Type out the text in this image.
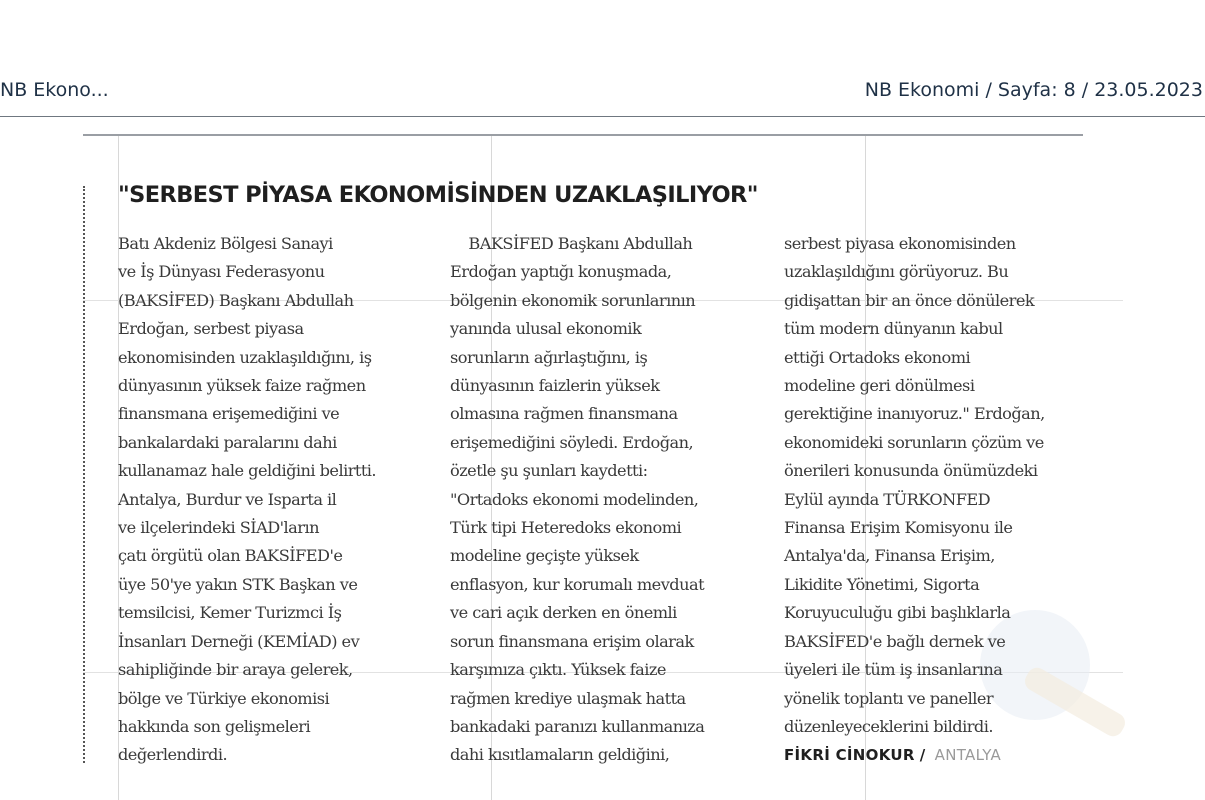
NB Ekono...	NB Ekonomi / Sayfa: 8 / 23.05.2023
"SERBEST PİYASA EKONOMİSİNDEN UZAKLAŞILIYOR"
Batı Akdeniz Bölgesi Sanayi
ve İş Dünyası Federasyonu
(BAKSİFED) Başkanı Abdullah
Erdoğan, serbest piyasa
ekonomisinden uzaklaşıldığını, iş
dünyasının yüksek faize rağmen
finansmana erişemediğini ve
bankalardaki paralarını dahi
kullanamaz hale geldiğini belirtti.
Antalya, Burdur ve Isparta il
ve ilçelerindeki SİAD'ların
çatı örgütü olan BAKSİFED'e
üye 50'ye yakın STK Başkan ve
temsilcisi, Kemer Turizmci İş
İnsanları Derneği (KEMİAD) ev
sahipliğinde bir araya gelerek,
bölge ve Türkiye ekonomisi
hakkında son gelişmeleri
değerlendirdi.
BAKSİFED Başkanı Abdullah
Erdoğan yaptığı konuşmada,
bölgenin ekonomik sorunlarının
yanında ulusal ekonomik
sorunların ağırlaştığını, iş
dünyasının faizlerin yüksek
olmasına rağmen finansmana
erişemediğini söyledi. Erdoğan,
özetle şu şunları kaydetti:
"Ortadoks ekonomi modelinden,
Türk tipi Heteredoks ekonomi
modeline geçişte yüksek
enflasyon, kur korumalı mevduat
ve cari açık derken en önemli
sorun finansmana erişim olarak
karşımıza çıktı. Yüksek faize
rağmen krediye ulaşmak hatta
bankadaki paranızı kullanmanıza
dahi kısıtlamaların geldiğini,
serbest piyasa ekonomisinden
uzaklaşıldığını görüyoruz. Bu
gidişattan bir an önce dönülerek
tüm modern dünyanın kabul
ettiği Ortadoks ekonomi
modeline geri dönülmesi
gerektiğine inanıyoruz." Erdoğan,
ekonomideki sorunların çözüm ve
önerileri konusunda önümüzdeki
Eylül ayında TÜRKONFED
Finansa Erişim Komisyonu ile
Antalya'da, Finansa Erişim,
Likidite Yönetimi, Sigorta
Koruyuculuğu gibi başlıklarla
BAKSİFED'e bağlı dernek ve
üyeleri ile tüm iş insanlarına
yönelik toplantı ve paneller
düzenleyeceklerini bildirdi.
FİKRİ CİNOKUR / ANTALYA
